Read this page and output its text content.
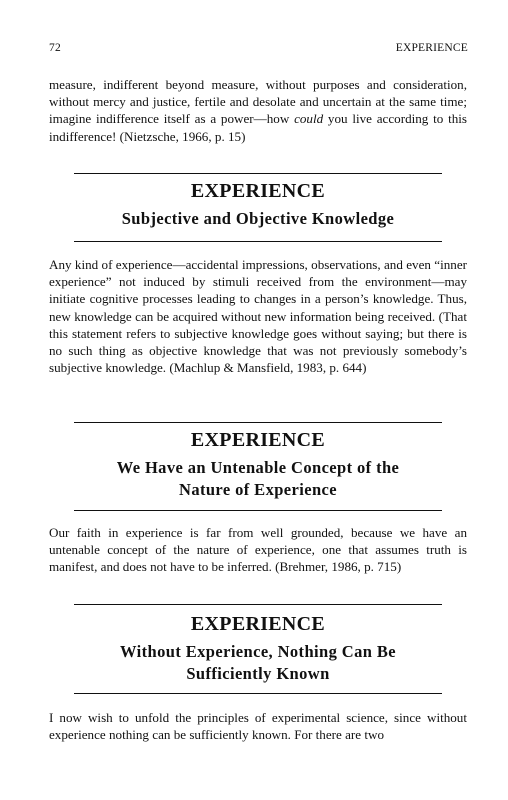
72	EXPERIENCE

measure, indifferent beyond measure, without purposes and consideration, without mercy and justice, fertile and desolate and uncertain at the same time; imagine indifference itself as a power—how could you live according to this indifference! (Nietzsche, 1966, p. 15)

EXPERIENCE
Subjective and Objective Knowledge

Any kind of experience—accidental impressions, observations, and even “inner experience” not induced by stimuli received from the environment—may initiate cognitive processes leading to changes in a person’s knowledge. Thus, new knowledge can be acquired without new information being received. (That this statement refers to subjective knowledge goes without saying; but there is no such thing as objective knowledge that was not previously somebody’s subjective knowledge. (Machlup & Mansfield, 1983, p. 644)

EXPERIENCE
We Have an Untenable Concept of the
Nature of Experience

Our faith in experience is far from well grounded, because we have an untenable concept of the nature of experience, one that assumes truth is manifest, and does not have to be inferred. (Brehmer, 1986, p. 715)

EXPERIENCE
Without Experience, Nothing Can Be
Sufficiently Known

I now wish to unfold the principles of experimental science, since without experience nothing can be sufficiently known. For there are two
